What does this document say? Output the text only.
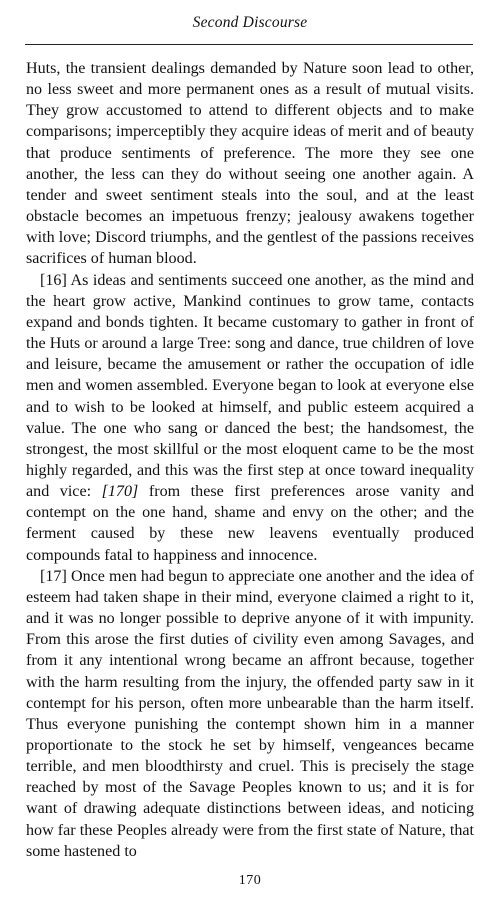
Second Discourse

Huts, the transient dealings demanded by Nature soon lead to other, no less sweet and more permanent ones as a result of mutual visits. They grow accustomed to attend to different objects and to make comparisons; imperceptibly they acquire ideas of merit and of beauty that produce sentiments of preference. The more they see one another, the less can they do without seeing one another again. A tender and sweet sentiment steals into the soul, and at the least obstacle becomes an impetuous frenzy; jealousy awakens together with love; Discord triumphs, and the gentlest of the passions receives sacrifices of human blood.

[16] As ideas and sentiments succeed one another, as the mind and the heart grow active, Mankind continues to grow tame, contacts expand and bonds tighten. It became customary to gather in front of the Huts or around a large Tree: song and dance, true children of love and leisure, became the amusement or rather the occupation of idle men and women assembled. Everyone began to look at everyone else and to wish to be looked at himself, and public esteem acquired a value. The one who sang or danced the best; the handsomest, the strongest, the most skillful or the most eloquent came to be the most highly regarded, and this was the first step at once toward inequality and vice: [170] from these first preferences arose vanity and contempt on the one hand, shame and envy on the other; and the ferment caused by these new leavens eventually produced compounds fatal to happiness and innocence.

[17] Once men had begun to appreciate one another and the idea of esteem had taken shape in their mind, everyone claimed a right to it, and it was no longer possible to deprive anyone of it with impunity. From this arose the first duties of civility even among Savages, and from it any intentional wrong became an affront because, together with the harm resulting from the injury, the offended party saw in it contempt for his person, often more unbearable than the harm itself. Thus everyone punishing the contempt shown him in a manner proportionate to the stock he set by himself, vengeances became terrible, and men bloodthirsty and cruel. This is precisely the stage reached by most of the Savage Peoples known to us; and it is for want of drawing adequate distinctions between ideas, and noticing how far these Peoples already were from the first state of Nature, that some hastened to

170
